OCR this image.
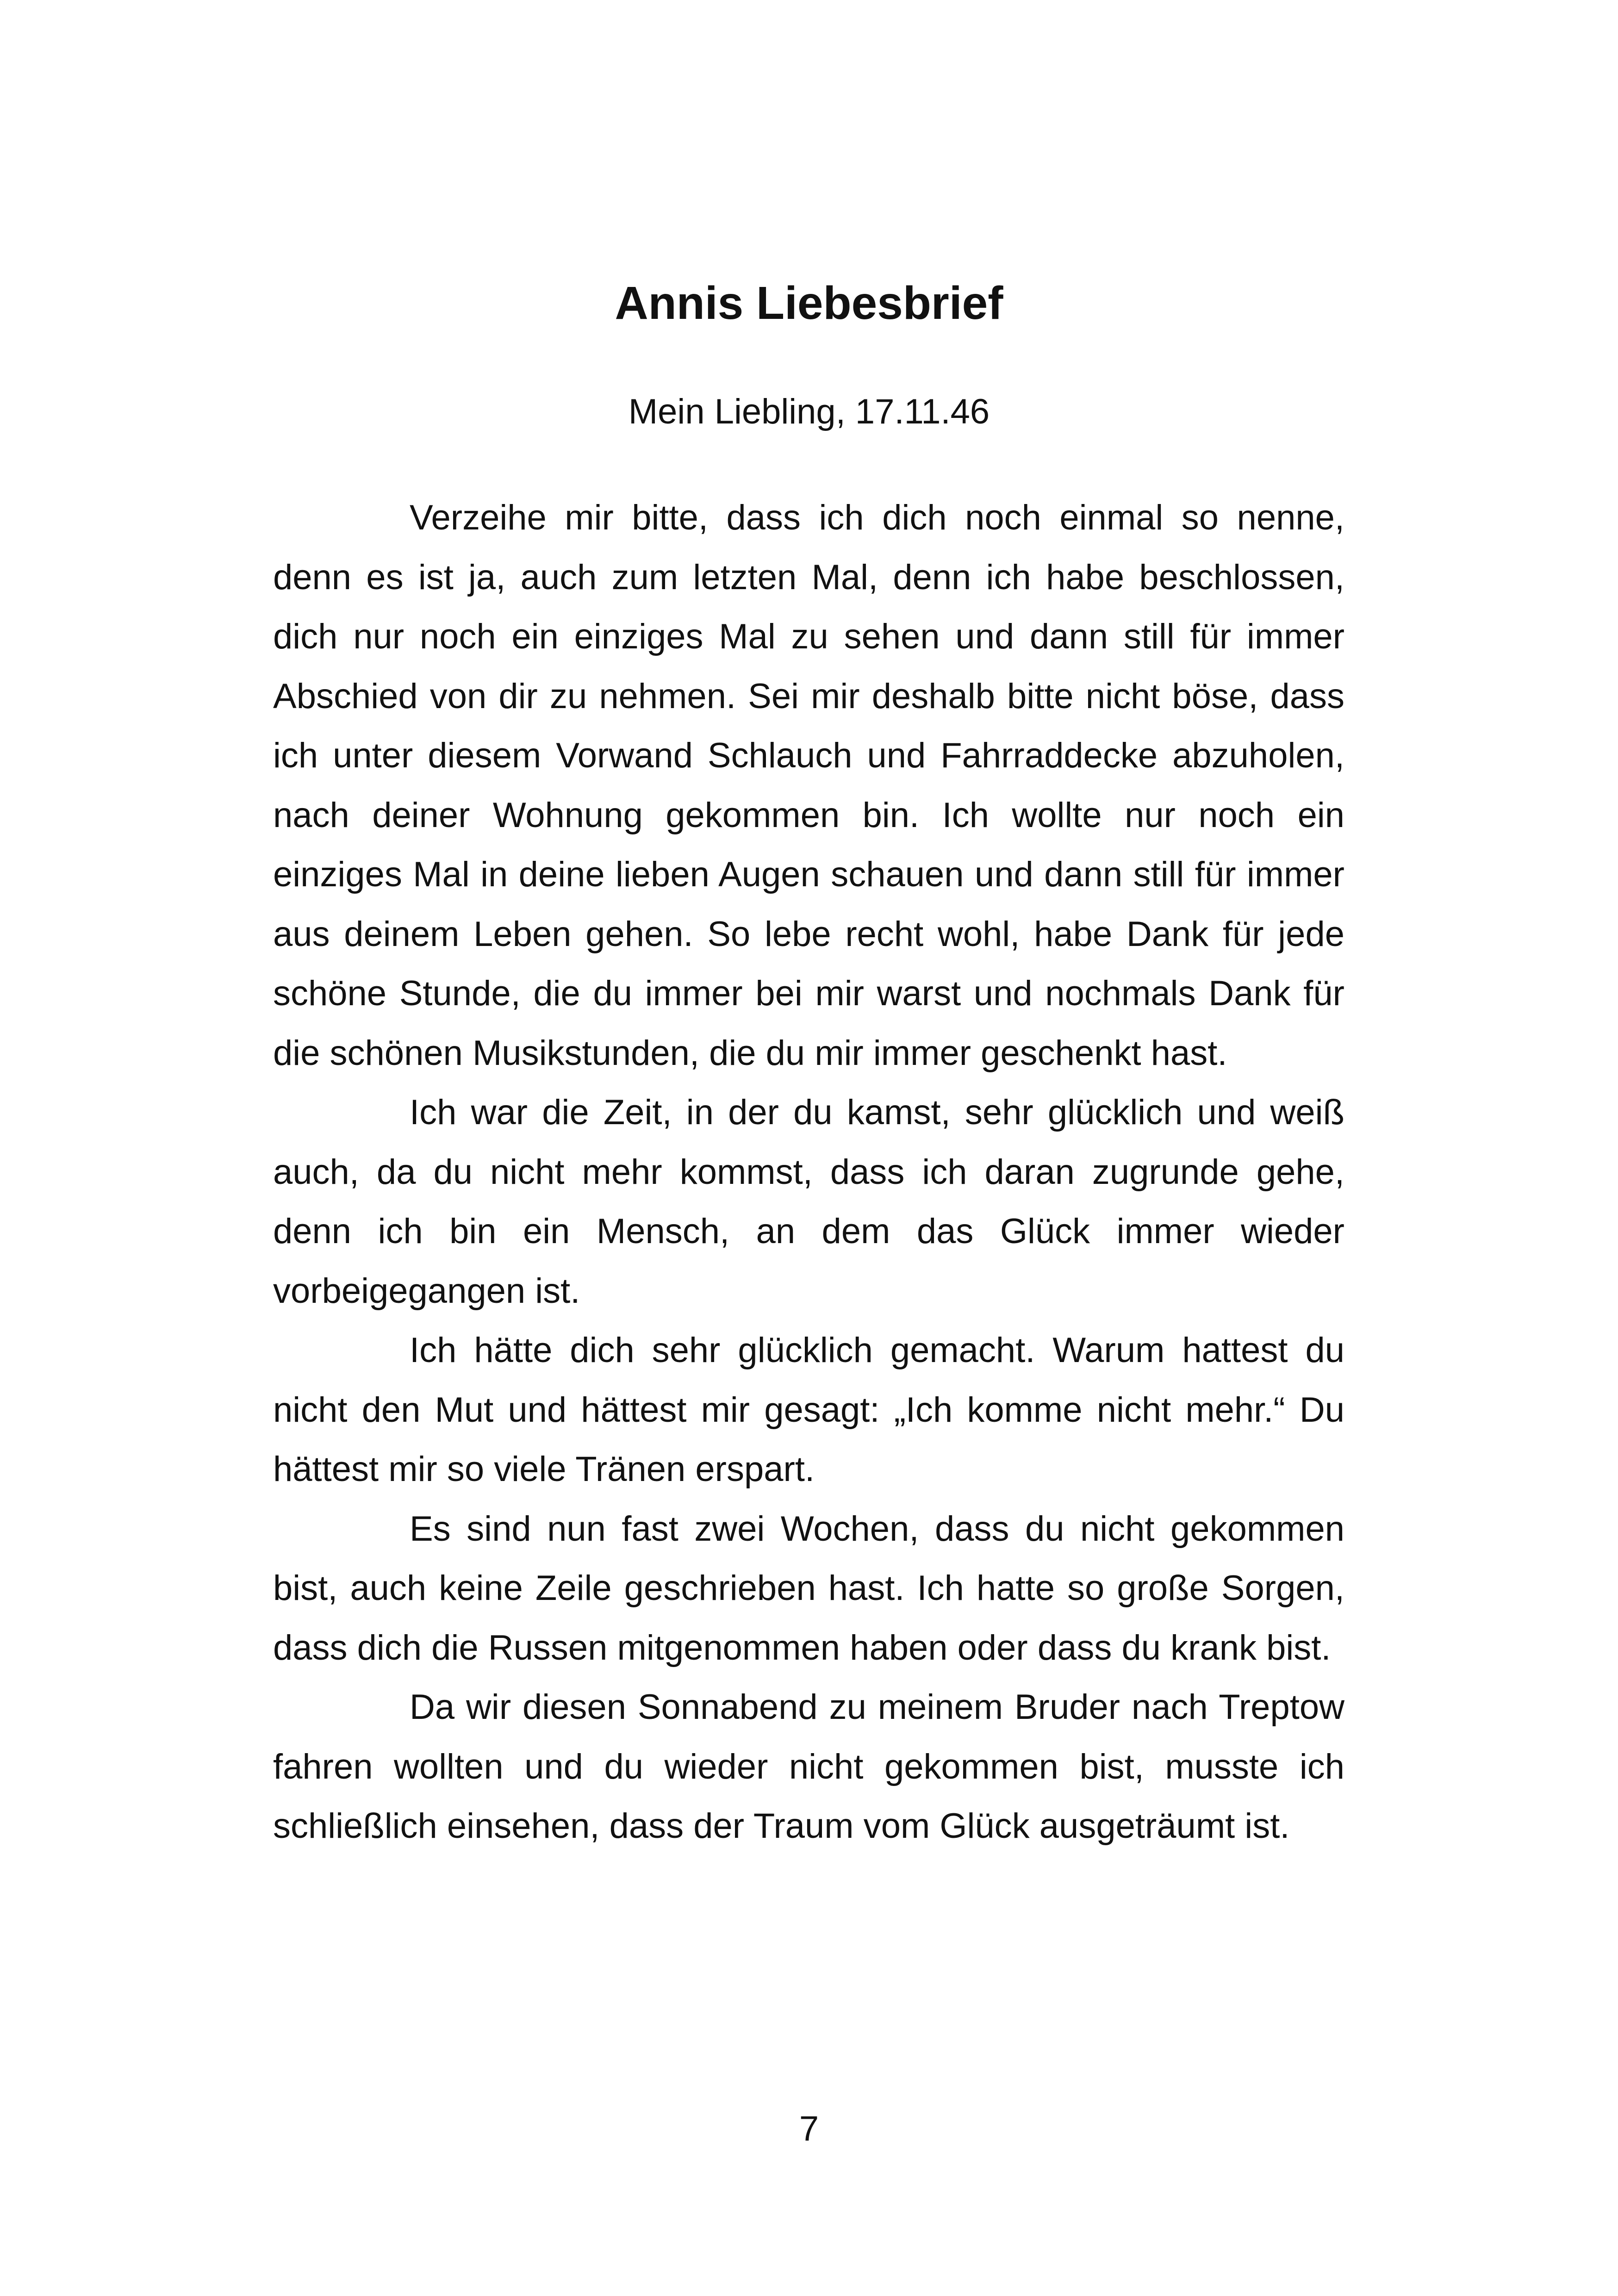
Annis Liebesbrief
Mein Liebling, 17.11.46

Verzeihe mir bitte, dass ich dich noch einmal so nenne, denn es ist ja, auch zum letzten Mal, denn ich habe beschlossen, dich nur noch ein einziges Mal zu sehen und dann still für immer Abschied von dir zu nehmen. Sei mir deshalb bitte nicht böse, dass ich unter diesem Vorwand Schlauch und Fahrraddecke abzuholen, nach deiner Wohnung gekommen bin. Ich wollte nur noch ein einziges Mal in deine lieben Augen schauen und dann still für immer aus deinem Leben gehen. So lebe recht wohl, habe Dank für jede schöne Stunde, die du immer bei mir warst und nochmals Dank für die schönen Musikstunden, die du mir immer geschenkt hast.

Ich war die Zeit, in der du kamst, sehr glücklich und weiß auch, da du nicht mehr kommst, dass ich daran zugrunde gehe, denn ich bin ein Mensch, an dem das Glück immer wieder vorbeigegangen ist.

Ich hätte dich sehr glücklich gemacht. Warum hattest du nicht den Mut und hättest mir gesagt: „Ich komme nicht mehr.“ Du hättest mir so viele Tränen erspart.

Es sind nun fast zwei Wochen, dass du nicht gekommen bist, auch keine Zeile geschrieben hast. Ich hatte so große Sorgen, dass dich die Russen mitgenommen haben oder dass du krank bist.

Da wir diesen Sonnabend zu meinem Bruder nach Treptow fahren wollten und du wieder nicht gekommen bist, musste ich schließlich einsehen, dass der Traum vom Glück ausgeträumt ist.

7
